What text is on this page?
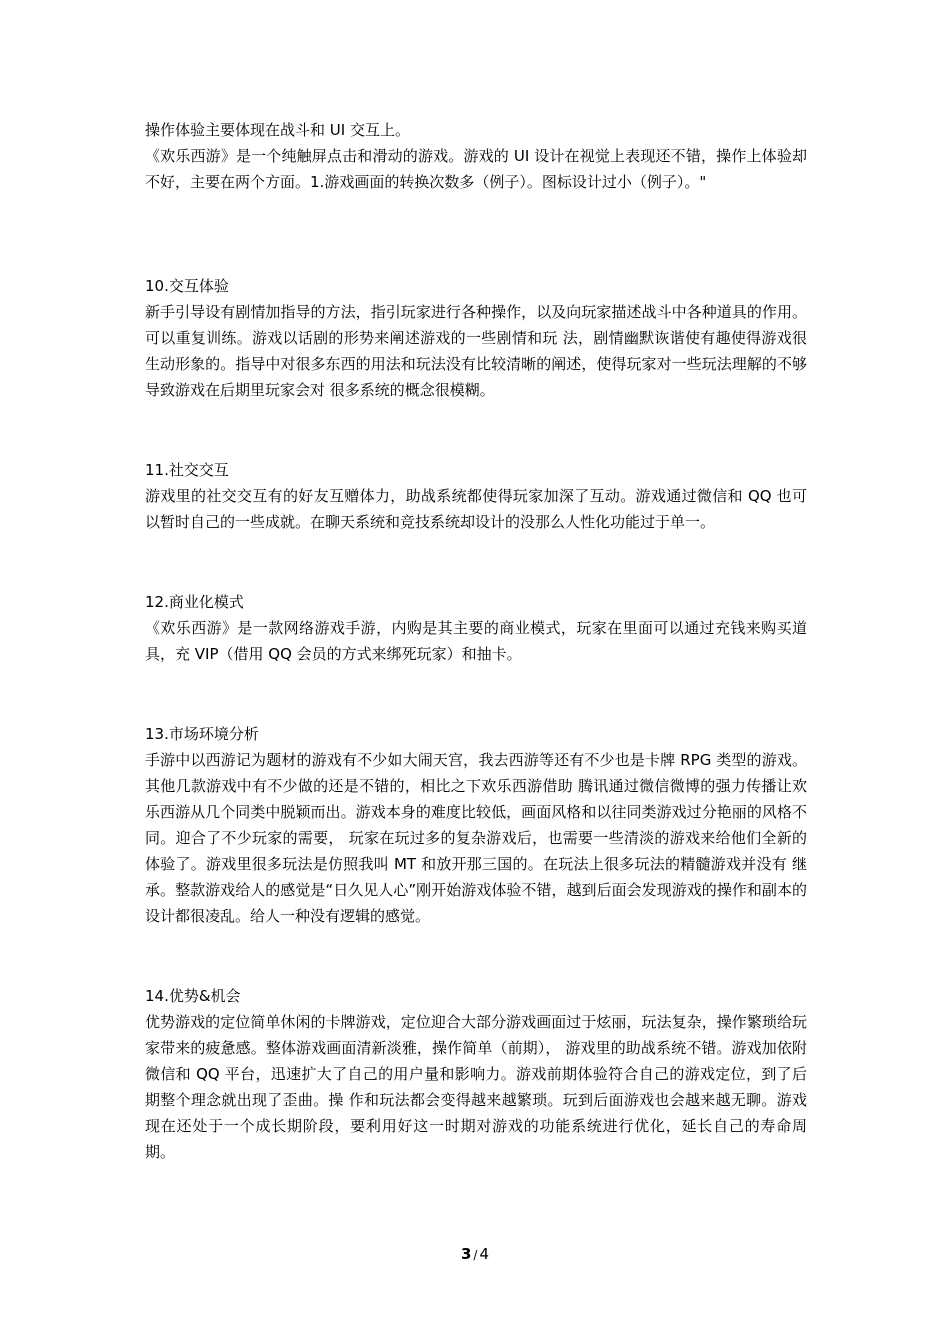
操作体验主要体现在战斗和 UI 交互上。

《欢乐西游》是一个纯触屏点击和滑动的游戏。游戏的 UI 设计在视觉上表现还不错，操作上体验却不好，主要在两个方面。1.游戏画面的转换次数多（例子）。图标设计过小（例子）。"

10.交互体验

新手引导设有剧情加指导的方法，指引玩家进行各种操作，以及向玩家描述战斗中各种道具的作用。可以重复训练。游戏以话剧的形势来阐述游戏的一些剧情和玩 法，剧情幽默诙谐使有趣使得游戏很生动形象的。指导中对很多东西的用法和玩法没有比较清晰的阐述，使得玩家对一些玩法理解的不够导致游戏在后期里玩家会对 很多系统的概念很模糊。

11.社交交互

游戏里的社交交互有的好友互赠体力，助战系统都使得玩家加深了互动。游戏通过微信和 QQ 也可以暂时自己的一些成就。在聊天系统和竞技系统却设计的没那么人性化功能过于单一。

12.商业化模式

《欢乐西游》是一款网络游戏手游，内购是其主要的商业模式，玩家在里面可以通过充钱来购买道具，充 VIP（借用 QQ 会员的方式来绑死玩家）和抽卡。

13.市场环境分析

手游中以西游记为题材的游戏有不少如大闹天宫，我去西游等还有不少也是卡牌 RPG 类型的游戏。其他几款游戏中有不少做的还是不错的，相比之下欢乐西游借助 腾讯通过微信微博的强力传播让欢乐西游从几个同类中脱颖而出。游戏本身的难度比较低，画面风格和以往同类游戏过分艳丽的风格不同。迎合了不少玩家的需要， 玩家在玩过多的复杂游戏后，也需要一些清淡的游戏来给他们全新的体验了。游戏里很多玩法是仿照我叫 MT 和放开那三国的。在玩法上很多玩法的精髓游戏并没有 继承。整款游戏给人的感觉是“日久见人心”刚开始游戏体验不错，越到后面会发现游戏的操作和副本的设计都很凌乱。给人一种没有逻辑的感觉。

14.优势&机会

优势游戏的定位简单休闲的卡牌游戏，定位迎合大部分游戏画面过于炫丽，玩法复杂，操作繁琐给玩家带来的疲惫感。整体游戏画面清新淡雅，操作简单（前期）， 游戏里的助战系统不错。游戏加依附微信和 QQ 平台，迅速扩大了自己的用户量和影响力。游戏前期体验符合自己的游戏定位，到了后期整个理念就出现了歪曲。操 作和玩法都会变得越来越繁琐。玩到后面游戏也会越来越无聊。游戏现在还处于一个成长期阶段，要利用好这一时期对游戏的功能系统进行优化，延长自己的寿命周 期。

3 / 4
